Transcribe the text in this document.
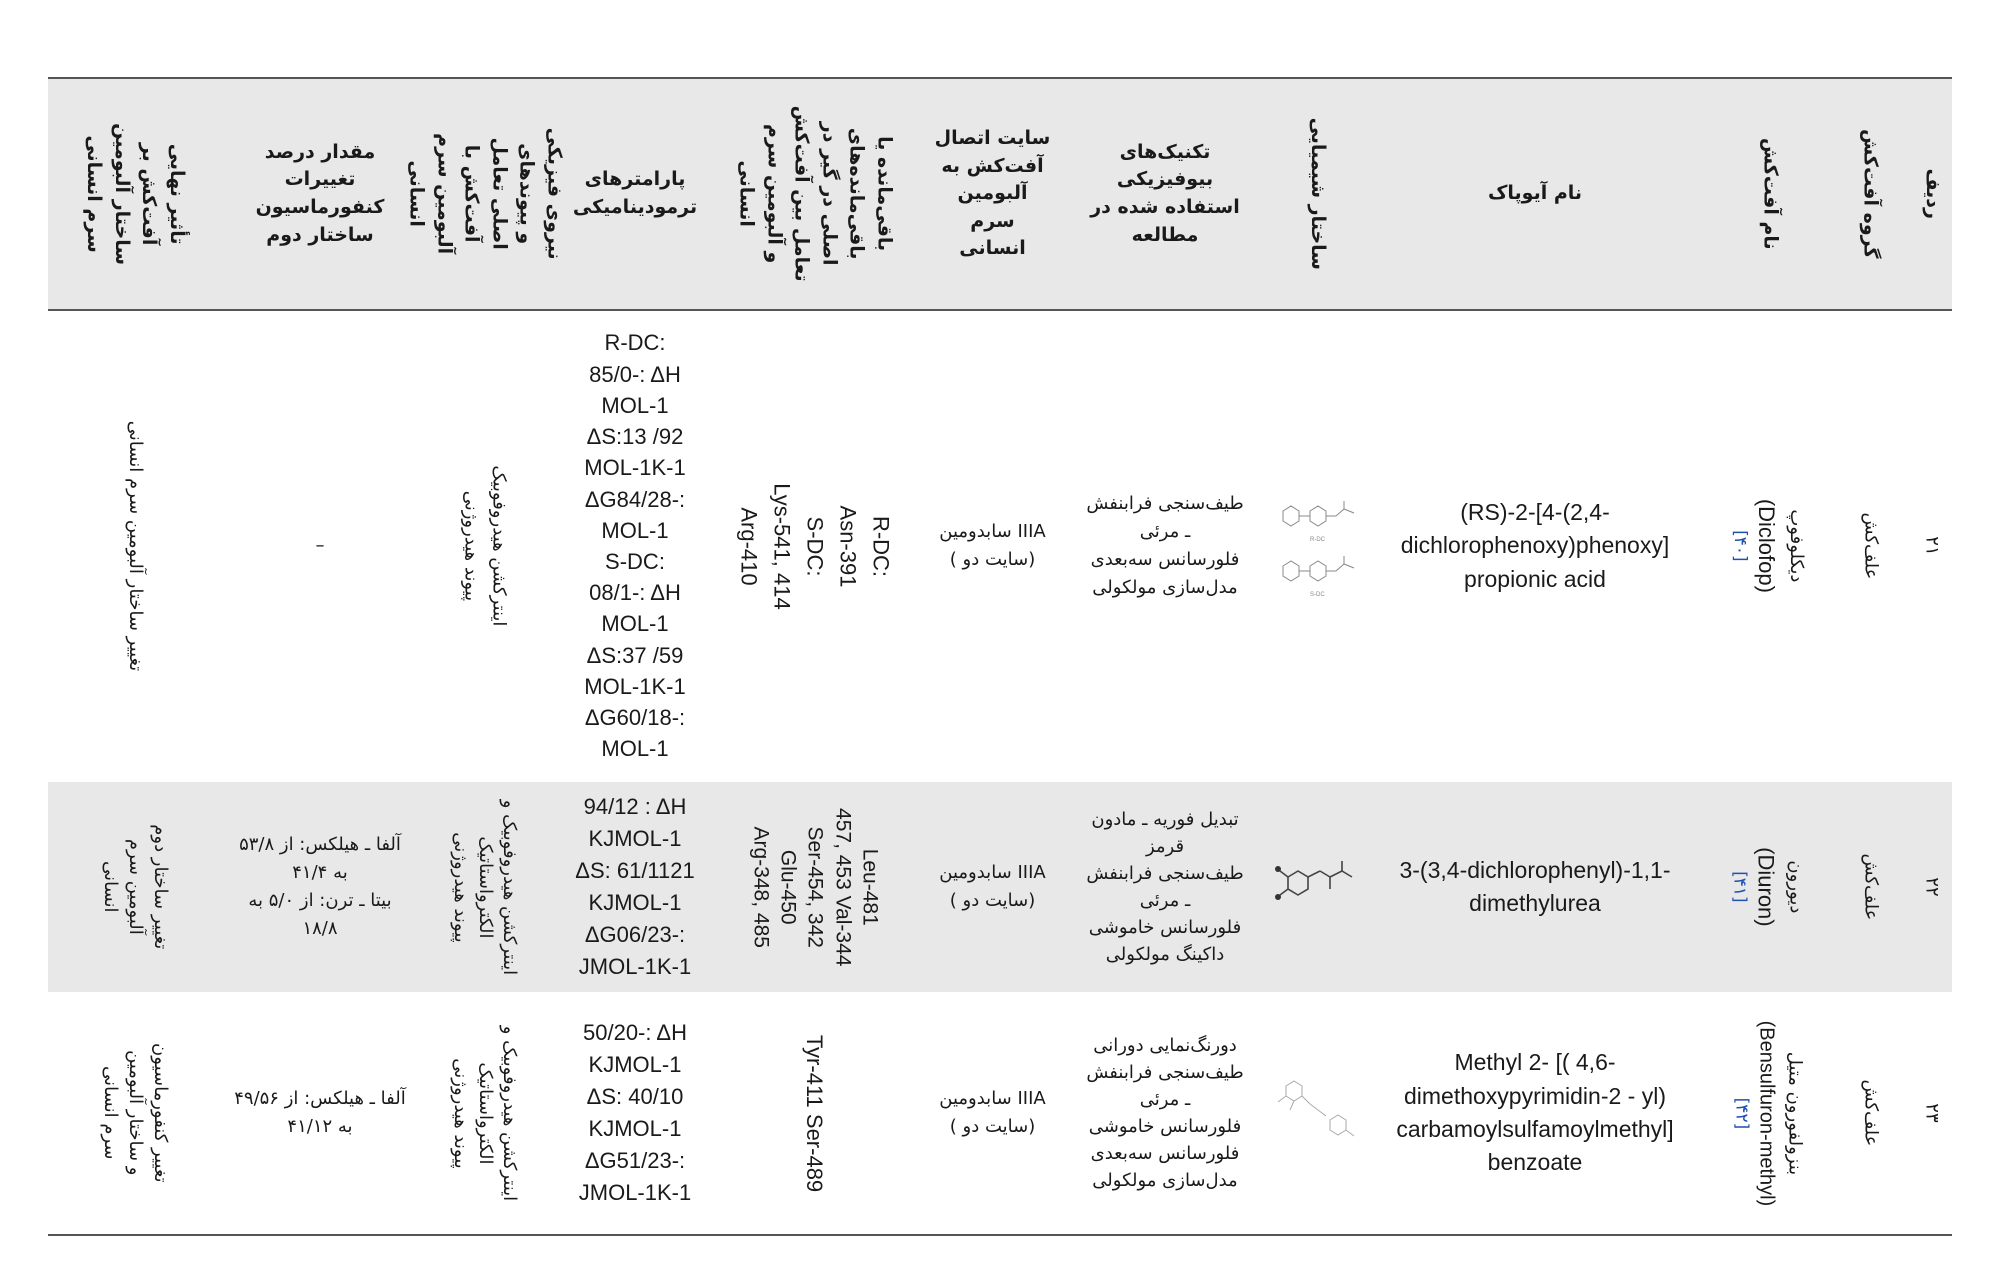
ردیف
گروه آفت‌کش
نام آفت‌کش
نام آیوپاک
ساختار شیمیایی
تکنیک‌های بیوفیزیکی استفاده شده در مطالعه
سایت اتصال آفت‌کش به آلبومین سرم انسانی
باقی‌مانده یا باقی‌مانده‌های اصلی در گیر در تعامل بین آفت‌کش و آلبومین سرم انسانی
پارامترهای ترمودینامیکی
نیروی فیزیکی و پیوندهای اصلی تعامل آفت‌کش با آلبومین سرم انسانی
مقدار درصد تغییرات کنفورماسیون ساختار دوم
تأثیر نهایی آفت‌کش بر ساختار آلبومین سرم انسانی
۲۱
علف‌کش
دیکلوفوپ
(Diclofop)
[۴۰]
(RS)-2-[4-(2,4-dichlorophenoxy)phenoxy] propionic acid
R-DC
S-DC
طیف‌سنجی فرابنفش
ـ مرئی
فلورسانس سه‌بعدی
مدل‌سازی مولکولی
سابدومین IIIA
( سایت دو)
R-DC:
Asn-391
S-DC:
Lys-541, 414
Arg-410
R-DC:
85/0-: ΔH
MOL-1
ΔS:13 /92
MOL-1K-1
ΔG84/28-:
MOL-1
S-DC:
08/1-: ΔH
MOL-1
ΔS:37 /59
MOL-1K-1
ΔG60/18-:
MOL-1
اینترکشن هیدروفوبیک
پیوند هیدروژنی
–
تغییر ساختار آلبومین سرم انسانی
۲۲
علف‌کش
دیورون
(Diuron)
[۴۱]
3-(3,4-dichlorophenyl)-1,1-dimethylurea
تبدیل فوریه ـ مادون قرمز
طیف‌سنجی فرابنفش
ـ مرئی
فلورسانس خاموشی
داکینگ مولکولی
سابدومین IIIA
( سایت دو)
Leu-481
457, 453 Val-344
Ser-454, 342
Glu-450
Arg-348, 485
94/12 : ΔH
KJMOL-1
ΔS: 61/1121
KJMOL-1
ΔG06/23-:
JMOL-1K-1
اینترکشن هیدروفوبیک و
الکترواستاتیک
پیوند هیدروژنی
آلفا ـ هیلکس: از ۵۳/۸
به ۴۱/۴
بیتا ـ ترن: از ۵/۰ به
۱۸/۸
تغییر ساختار دوم آلبومین سرم انسانی
۲۳
علف‌کش
بنزولفورون متیل
(Bensulfuron-methyl)
[۴۲]
Methyl 2- [( 4,6-dimethoxypyrimidin-2 - yl) carbamoylsulfamoylmethyl] benzoate
دورنگ‌نمایی دورانی
طیف‌سنجی فرابنفش
ـ مرئی
فلورسانس خاموشی
فلورسانس سه‌بعدی
مدل‌سازی مولکولی
سابدومین IIIA
( سایت دو)
Tyr-411 Ser-489
50/20-: ΔH
KJMOL-1
ΔS: 40/10
KJMOL-1
ΔG51/23-:
JMOL-1K-1
اینترکشن هیدروفوبیک و
الکترواستاتیک
پیوند هیدروژنی
آلفا ـ هیلکس: از ۴۹/۵۶
به ۴۱/۱۲
تغییر کنفورماسیون و ساختار آلبومین سرم انسانی
